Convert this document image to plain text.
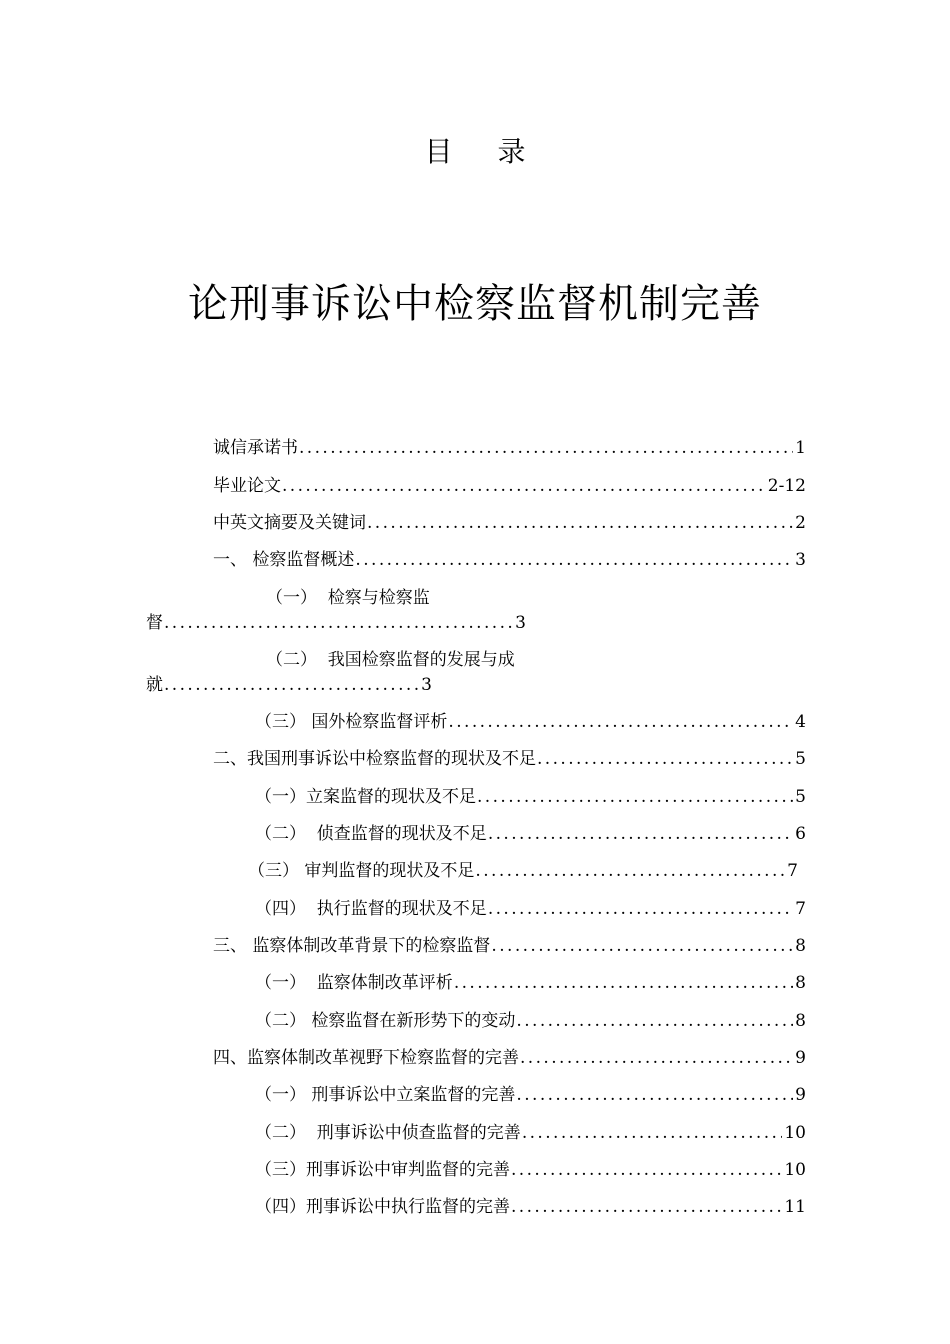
目 录
论刑事诉讼中检察监督机制完善
诚信承诺书 .....	1
毕业论文 .....	2-12
中英文摘要及关键词 .....	2
一、 检察监督概述 .....	3
（一）  检察与检察监
督 .....	3
（二）  我国检察监督的发展与成
就 .....	3
（三） 国外检察监督评析 .....	4
二、我国刑事诉讼中检察监督的现状及不足 .....	5
（一）立案监督的现状及不足 .....	5
（二）  侦查监督的现状及不足 .....	6
（三） 审判监督的现状及不足 .....	7
（四）  执行监督的现状及不足 .....	7
三、 监察体制改革背景下的检察监督 .....	8
（一）  监察体制改革评析 .....	8
（二） 检察监督在新形势下的变动 .....	8
四、监察体制改革视野下检察监督的完善 .....	9
（一） 刑事诉讼中立案监督的完善 .....	9
（二）  刑事诉讼中侦查监督的完善 .....	10
（三）刑事诉讼中审判监督的完善 .....	10
（四）刑事诉讼中执行监督的完善 .....	11
